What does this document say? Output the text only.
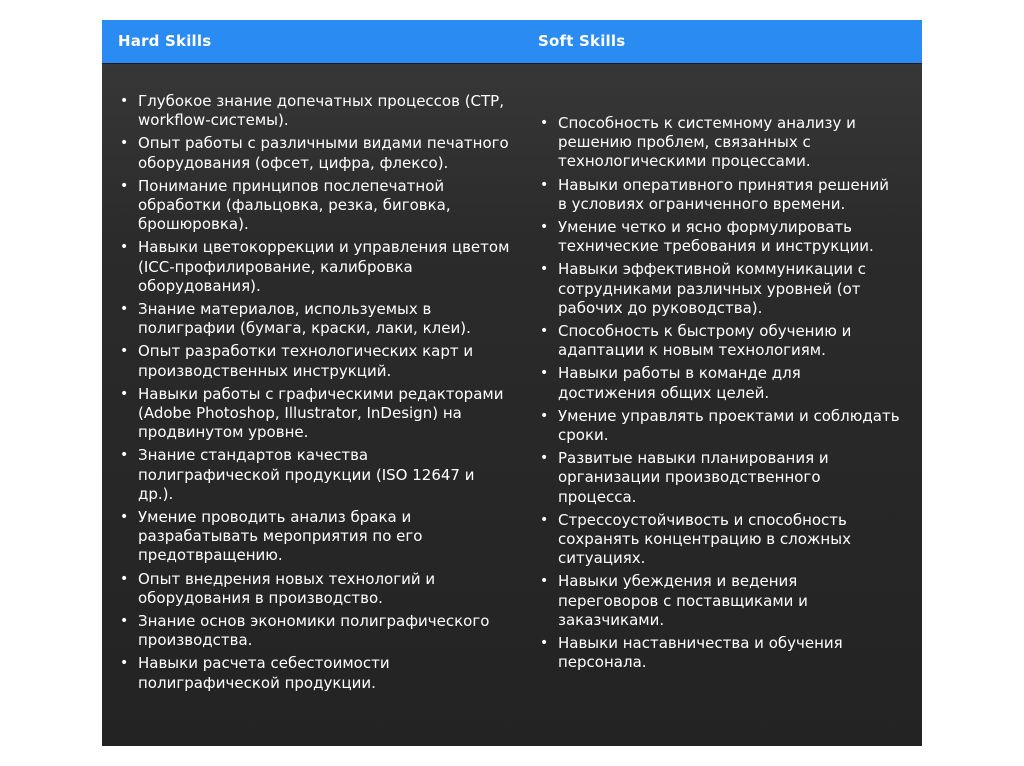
Hard Skills	Soft Skills
• Глубокое знание допечатных процессов (CTP, workflow-системы).
• Опыт работы с различными видами печатного оборудования (офсет, цифра, флексо).
• Понимание принципов послепечатной обработки (фальцовка, резка, биговка, брошюровка).
• Навыки цветокоррекции и управления цветом (ICC-профилирование, калибровка оборудования).
• Знание материалов, используемых в полиграфии (бумага, краски, лаки, клеи).
• Опыт разработки технологических карт и производственных инструкций.
• Навыки работы с графическими редакторами (Adobe Photoshop, Illustrator, InDesign) на продвинутом уровне.
• Знание стандартов качества полиграфической продукции (ISO 12647 и др.).
• Умение проводить анализ брака и разрабатывать мероприятия по его предотвращению.
• Опыт внедрения новых технологий и оборудования в производство.
• Знание основ экономики полиграфического производства.
• Навыки расчета себестоимости полиграфической продукции.
• Способность к системному анализу и решению проблем, связанных с технологическими процессами.
• Навыки оперативного принятия решений в условиях ограниченного времени.
• Умение четко и ясно формулировать технические требования и инструкции.
• Навыки эффективной коммуникации с сотрудниками различных уровней (от рабочих до руководства).
• Способность к быстрому обучению и адаптации к новым технологиям.
• Навыки работы в команде для достижения общих целей.
• Умение управлять проектами и соблюдать сроки.
• Развитые навыки планирования и организации производственного процесса.
• Стрессоустойчивость и способность сохранять концентрацию в сложных ситуациях.
• Навыки убеждения и ведения переговоров с поставщиками и заказчиками.
• Навыки наставничества и обучения персонала.
